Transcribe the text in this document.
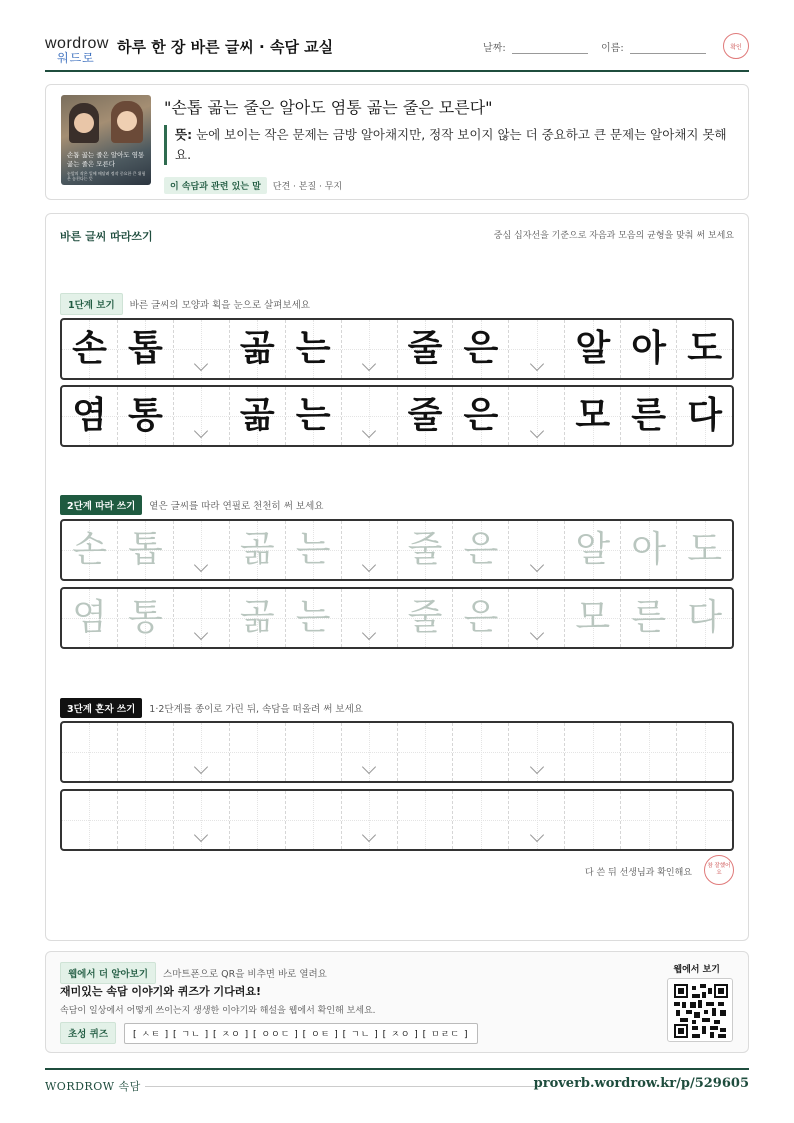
wordrow
워드로
하루 한 장 바른 글씨 · 속담 교실	날짜:	이름:	확인
손톱 곪는 줄은 알아도 염통 곪는 줄은 모른다
눈앞의 작은 일에 매달려 정작 중요한 큰 위험은 놓친다는 뜻
"손톱 곪는 줄은 알아도 염통 곪는 줄은 모른다"
뜻: 눈에 보이는 작은 문제는 금방 알아채지만, 정작 보이지 않는 더 중요하고 큰 문제는 알아채지 못해요.
이 속담과 관련 있는 말	단견 · 본질 · 무지
바른 글씨 따라쓰기	중심 십자선을 기준으로 자음과 모음의 균형을 맞춰 써 보세요
1단계 보기	바른 글씨의 모양과 획을 눈으로 살펴보세요
손 톱 곪 는 줄 은 알 아 도
염 통 곪 는 줄 은 모 른 다
2단계 따라 쓰기	옅은 글씨를 따라 연필로 천천히 써 보세요
손 톱 곪 는 줄 은 알 아 도
염 통 곪 는 줄 은 모 른 다
3단계 혼자 쓰기	1·2단계를 종이로 가린 뒤, 속담을 떠올려 써 보세요
다 쓴 뒤 선생님과 확인해요
참 잘했어요
웹에서 더 알아보기	스마트폰으로 QR을 비추면 바로 열려요
재미있는 속담 이야기와 퀴즈가 기다려요!
속담이 일상에서 어떻게 쓰이는지 생생한 이야기와 해설을 웹에서 확인해 보세요.
초성 퀴즈	[ ㅅㅌ ] [ ㄱㄴ ] [ ㅈㅇ ] [ ㅇㅇㄷ ] [ ㅇㅌ ] [ ㄱㄴ ] [ ㅈㅇ ] [ ㅁㄹㄷ ]
웹에서 보기
WORDROW 속담	proverb.wordrow.kr/p/529605
